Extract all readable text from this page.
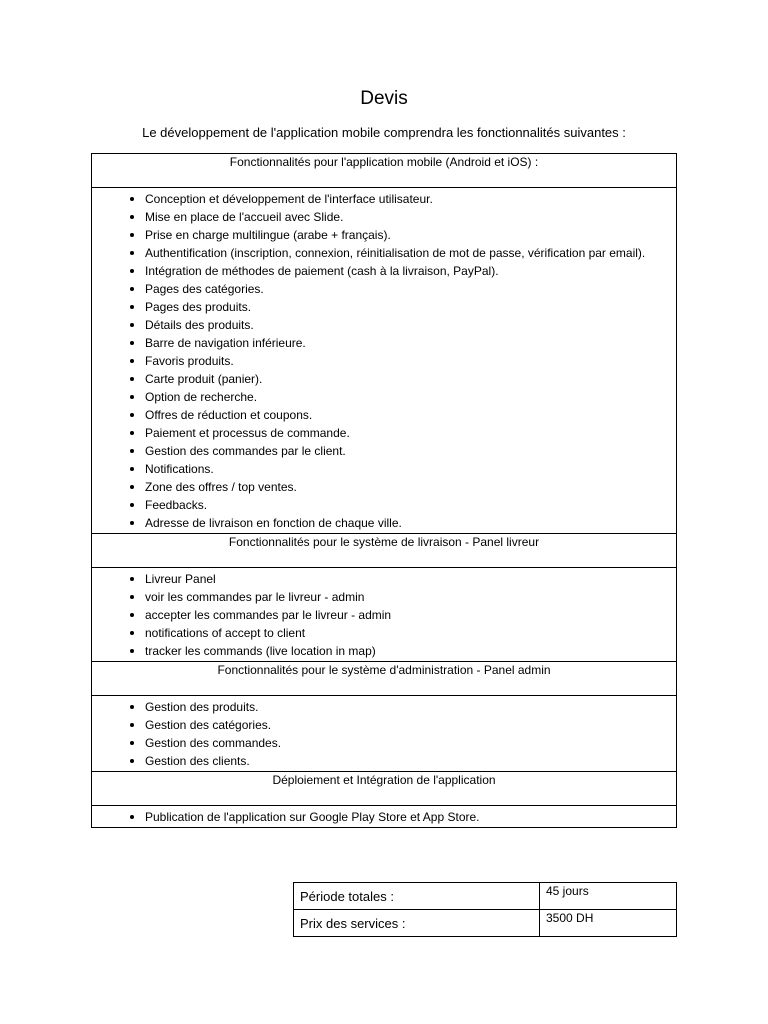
Devis
Le développement de l'application mobile comprendra les fonctionnalités suivantes :
Fonctionnalités pour l'application mobile (Android et iOS) :

• Conception et développement de l'interface utilisateur.
• Mise en place de l'accueil avec Slide.
• Prise en charge multilingue (arabe + français).
• Authentification (inscription, connexion, réinitialisation de mot de passe, vérification par email).
• Intégration de méthodes de paiement (cash à la livraison, PayPal).
• Pages des catégories.
• Pages des produits.
• Détails des produits.
• Barre de navigation inférieure.
• Favoris produits.
• Carte produit (panier).
• Option de recherche.
• Offres de réduction et coupons.
• Paiement et processus de commande.
• Gestion des commandes par le client.
• Notifications.
• Zone des offres / top ventes.
• Feedbacks.
• Adresse de livraison en fonction de chaque ville.

Fonctionnalités pour le système de livraison - Panel livreur

• Livreur Panel
• voir les commandes par le livreur - admin
• accepter les commandes par le livreur - admin
• notifications of accept to client
• tracker les commands (live location in map)

Fonctionnalités pour le système d'administration - Panel admin

• Gestion des produits.
• Gestion des catégories.
• Gestion des commandes.
• Gestion des clients.

Déploiement et Intégration de l'application

• Publication de l'application sur Google Play Store et App Store.
Période totales :	45 jours
Prix des services :	3500 DH
